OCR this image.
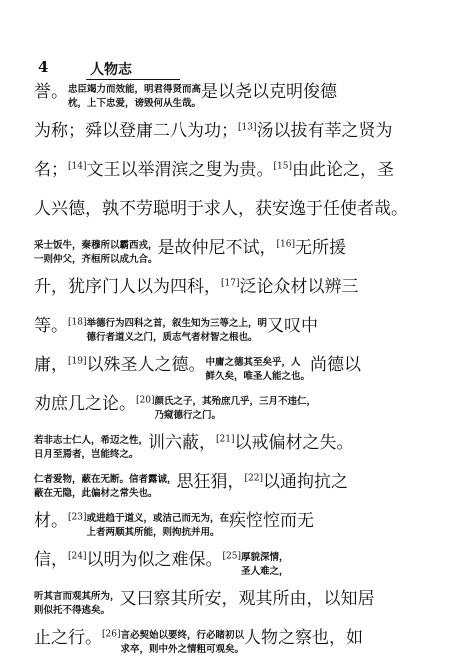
4	人物志
誉。 忠臣竭力而效能，明君得贤而高
枕，上下忠爱，谤毁何从生哉。
是以尧以克明俊德
为称；舜以登庸二八为功；[13]汤以拔有莘之贤为
名；[14]文王以举渭滨之叟为贵。[15]由此论之，圣
人兴德，孰不劳聪明于求人，获安逸于任使者哉。
采士饭牛，秦穆所以霸西戎，
一则仲父，齐桓所以成九合。
是故仲尼不试，[16]无所援
升，犹序门人以为四科，[17]泛论众材以辨三
等。[18] 举德行为四科之首，叙生知为三等之上，明
德行者道义之门，质志气者材智之根也。
又叹中
庸，[19]以殊圣人之德。 中庸之德其至矣乎，人
鲜久矣，唯圣人能之也。
尚德以
劝庶几之论。[20] 颜氏之子，其殆庶几乎，三月不违仁，
乃窥德行之门。
若非志士仁人，希迈之性，
日月至焉者，岂能终之。
训六蔽，[21]以戒偏材之失。
仁者爱物，蔽在无断。信者露诚，
蔽在无隐，此偏材之常失也。
思狂狷，[22]以通拘抗之
材。[23] 或进趋于道义，或洁己而无为，在
上者两顺其所能，则拘抗并用。
疾悾悾而无
信，[24]以明为似之难保。[25] 厚貌深情，
圣人难之，
听其言而观其所为，
则似托不得逃矣。
又曰察其所安，观其所由，以知居
止之行。[26] 言必契始以要终，行必睹初以
求卒，则中外之情粗可观矣。
人物之察也，如
